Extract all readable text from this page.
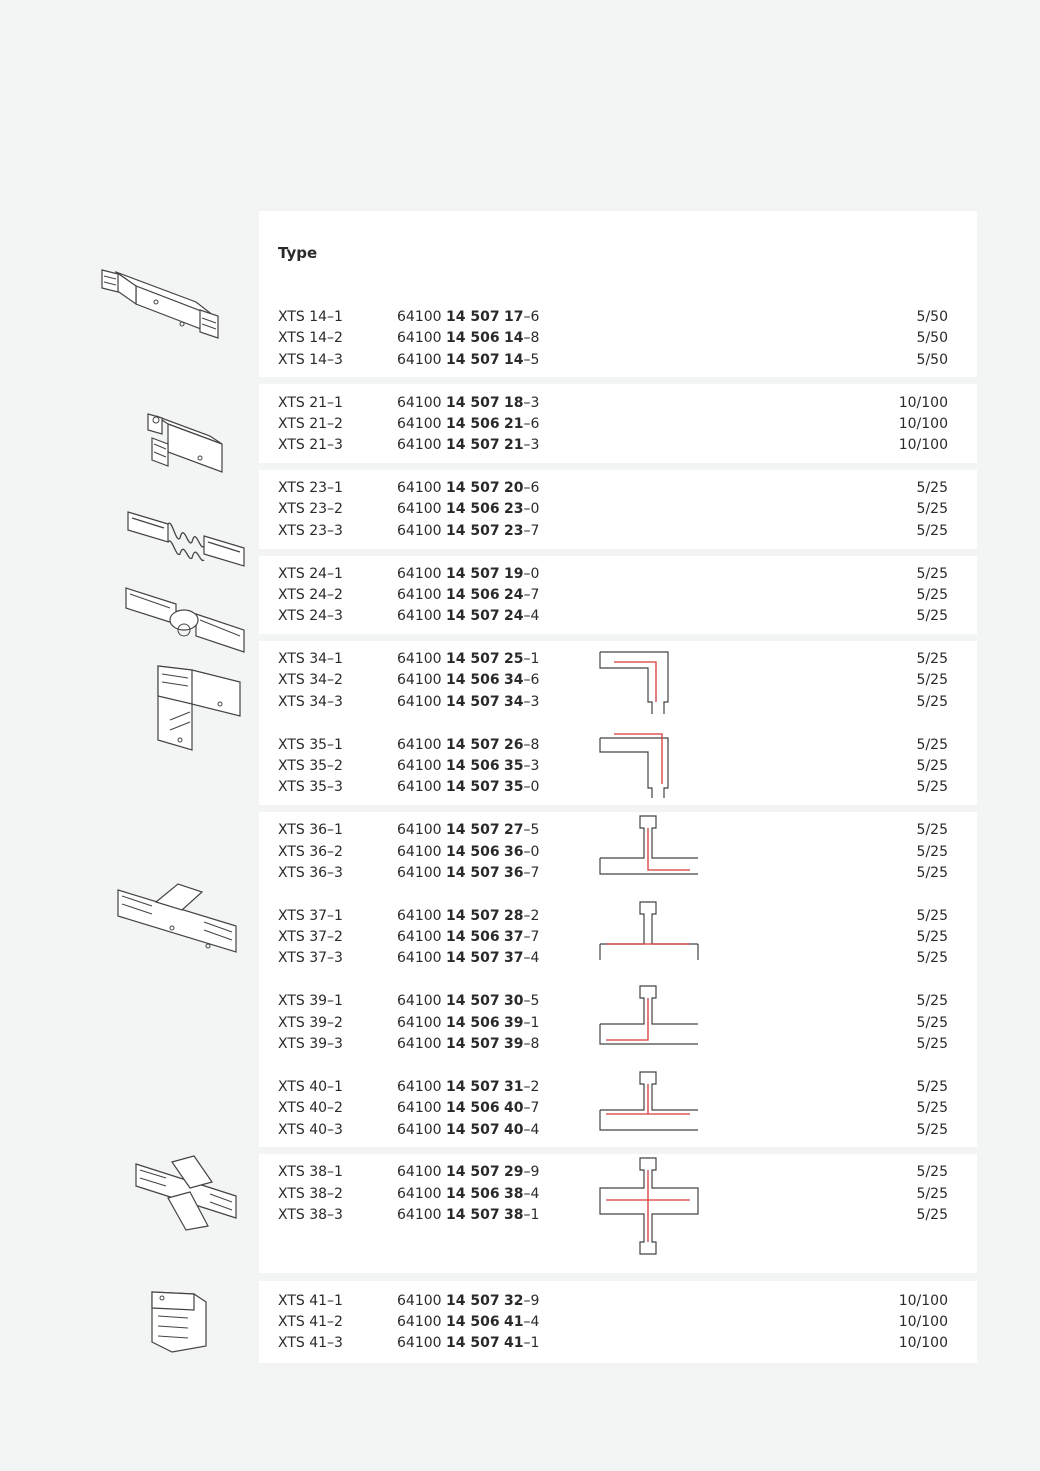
Type
XTS 14–1	64100 14 507 17–6	5/50
XTS 14–2	64100 14 506 14–8	5/50
XTS 14–3	64100 14 507 14–5	5/50
XTS 21–1	64100 14 507 18–3	10/100
XTS 21–2	64100 14 506 21–6	10/100
XTS 21–3	64100 14 507 21–3	10/100
XTS 23–1	64100 14 507 20–6	5/25
XTS 23–2	64100 14 506 23–0	5/25
XTS 23–3	64100 14 507 23–7	5/25
XTS 24–1	64100 14 507 19–0	5/25
XTS 24–2	64100 14 506 24–7	5/25
XTS 24–3	64100 14 507 24–4	5/25
XTS 34–1	64100 14 507 25–1	5/25
XTS 34–2	64100 14 506 34–6	5/25
XTS 34–3	64100 14 507 34–3	5/25
XTS 35–1	64100 14 507 26–8	5/25
XTS 35–2	64100 14 506 35–3	5/25
XTS 35–3	64100 14 507 35–0	5/25
XTS 36–1	64100 14 507 27–5	5/25
XTS 36–2	64100 14 506 36–0	5/25
XTS 36–3	64100 14 507 36–7	5/25
XTS 37–1	64100 14 507 28–2	5/25
XTS 37–2	64100 14 506 37–7	5/25
XTS 37–3	64100 14 507 37–4	5/25
XTS 39–1	64100 14 507 30–5	5/25
XTS 39–2	64100 14 506 39–1	5/25
XTS 39–3	64100 14 507 39–8	5/25
XTS 40–1	64100 14 507 31–2	5/25
XTS 40–2	64100 14 506 40–7	5/25
XTS 40–3	64100 14 507 40–4	5/25
XTS 38–1	64100 14 507 29–9	5/25
XTS 38–2	64100 14 506 38–4	5/25
XTS 38–3	64100 14 507 38–1	5/25
XTS 41–1	64100 14 507 32–9	10/100
XTS 41–2	64100 14 506 41–4	10/100
XTS 41–3	64100 14 507 41–1	10/100
